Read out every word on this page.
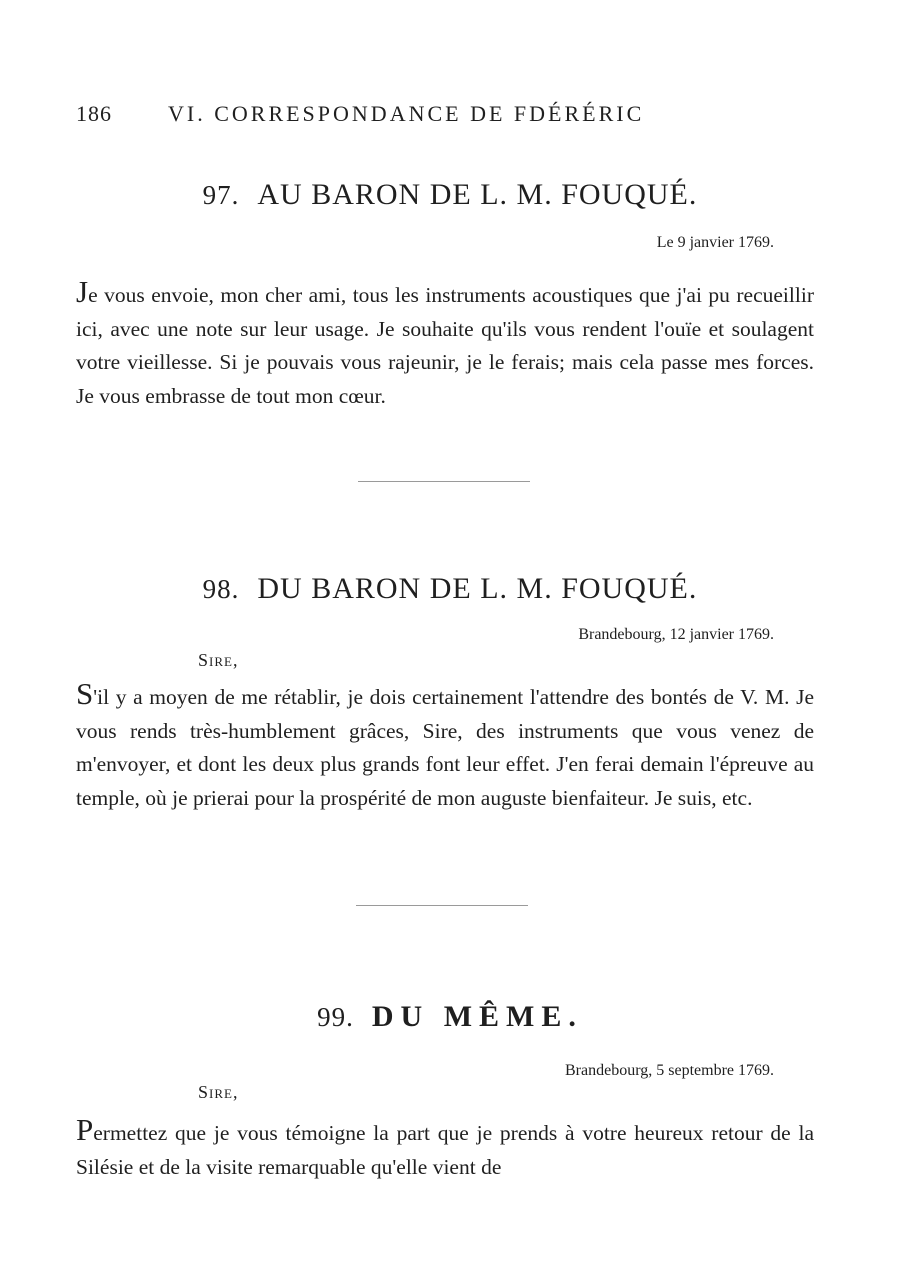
186	VI. CORRESPONDANCE DE FDÉRÉRIC
97. AU BARON DE L. M. FOUQUÉ.
Le 9 janvier 1769.
Je vous envoie, mon cher ami, tous les instruments acoustiques que j'ai pu recueillir ici, avec une note sur leur usage. Je souhaite qu'ils vous rendent l'ouïe et soulagent votre vieillesse. Si je pouvais vous rajeunir, je le ferais; mais cela passe mes forces. Je vous embrasse de tout mon cœur.
98. DU BARON DE L. M. FOUQUÉ.
Brandebourg, 12 janvier 1769.
Sire,
S'il y a moyen de me rétablir, je dois certainement l'attendre des bontés de V. M. Je vous rends très-humblement grâces, Sire, des instruments que vous venez de m'envoyer, et dont les deux plus grands font leur effet. J'en ferai demain l'épreuve au temple, où je prierai pour la prospérité de mon auguste bienfaiteur. Je suis, etc.
99. DU MÊME.
Brandebourg, 5 septembre 1769.
Sire,
Permettez que je vous témoigne la part que je prends à votre heureux retour de la Silésie et de la visite remarquable qu'elle vient de
